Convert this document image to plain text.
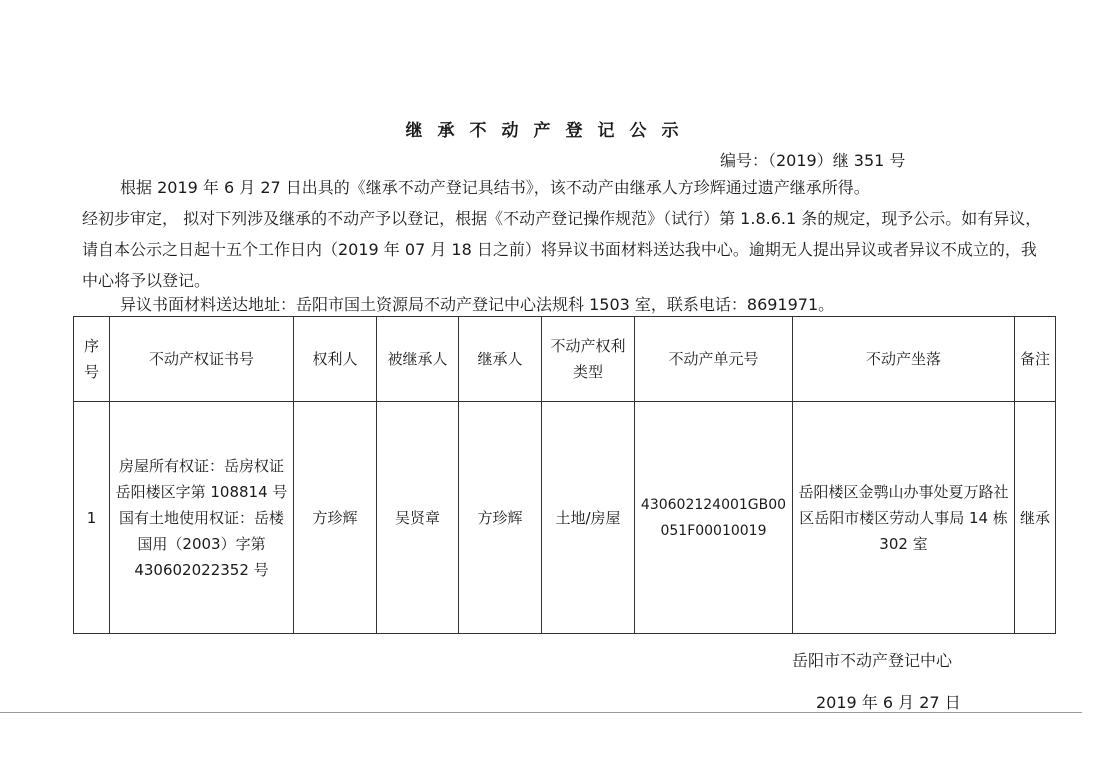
继承不动产登记公示
编号：（2019）继 351 号
根据 2019 年 6 月 27 日出具的《继承不动产登记具结书》，该不动产由继承人方珍辉通过遗产继承所得。
经初步审定， 拟对下列涉及继承的不动产予以登记，根据《不动产登记操作规范》（试行）第 1.8.6.1 条的规定，现予公示。如有异议，请自本公示之日起十五个工作日内（2019 年 07 月 18 日之前）将异议书面材料送达我中心。逾期无人提出异议或者异议不成立的，我中心将予以登记。
异议书面材料送达地址：岳阳市国土资源局不动产登记中心法规科 1503 室，联系电话：8691971。
序号	不动产权证书号	权利人	被继承人	继承人	不动产权利类型	不动产单元号	不动产坐落	备注
1	房屋所有权证：岳房权证岳阳楼区字第 108814 号国有土地使用权证：岳楼国用（2003）字第 430602022352 号	方珍辉	吴贤章	方珍辉	土地/房屋	430602124001GB00051F00010019	岳阳楼区金鹗山办事处夏万路社区岳阳市楼区劳动人事局 14 栋 302 室	继承
岳阳市不动产登记中心
2019 年 6 月 27 日
